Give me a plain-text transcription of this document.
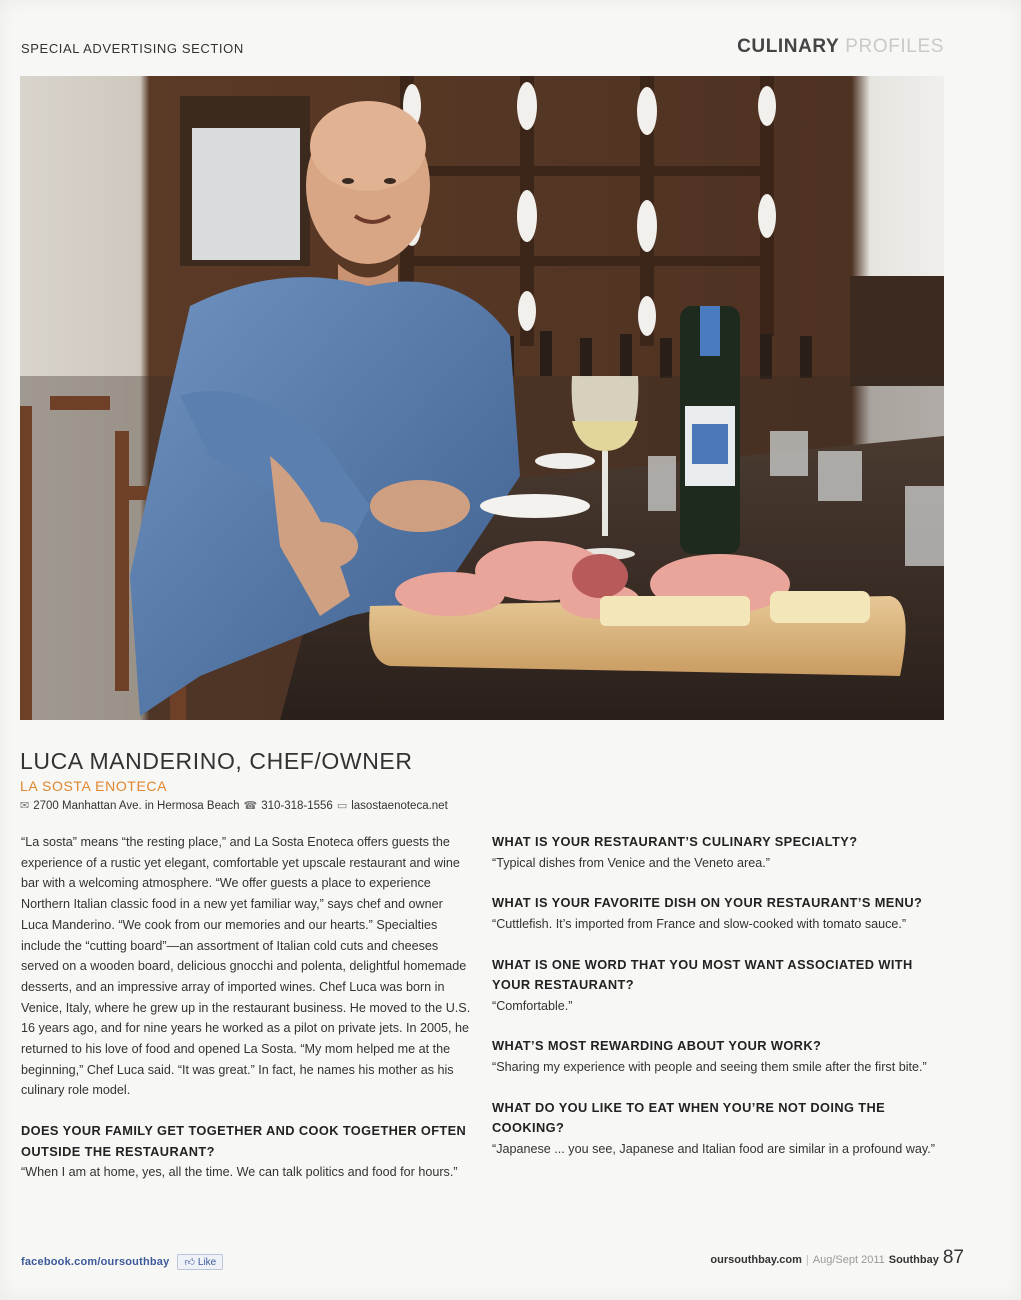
SPECIAL ADVERTISING SECTION	CULINARY PROFILES
LUCA MANDERINO, CHEF/OWNER
LA SOSTA ENOTECA
✉ 2700 Manhattan Ave. in Hermosa Beach ☎ 310-318-1556 ▭ lasostaenoteca.net

“La sosta” means “the resting place,” and La Sosta Enoteca offers guests the experience of a rustic yet elegant, comfortable yet upscale restaurant and wine bar with a welcoming atmosphere. “We offer guests a place to experience Northern Italian classic food in a new yet familiar way,” says chef and owner Luca Manderino. “We cook from our memories and our hearts.” Specialties include the “cutting board”—an assortment of Italian cold cuts and cheeses served on a wooden board, delicious gnocchi and polenta, delightful homemade desserts, and an impressive array of imported wines. Chef Luca was born in Venice, Italy, where he grew up in the restaurant business. He moved to the U.S. 16 years ago, and for nine years he worked as a pilot on private jets. In 2005, he returned to his love of food and opened La Sosta. “My mom helped me at the beginning,” Chef Luca said. “It was great.” In fact, he names his mother as his culinary role model.

DOES YOUR FAMILY GET TOGETHER AND COOK TOGETHER OFTEN OUTSIDE THE RESTAURANT?

“When I am at home, yes, all the time. We can talk politics and food for hours.”

WHAT IS YOUR RESTAURANT’S CULINARY SPECIALTY?

“Typical dishes from Venice and the Veneto area.”

WHAT IS YOUR FAVORITE DISH ON YOUR RESTAURANT’S MENU?

“Cuttlefish. It’s imported from France and slow-cooked with tomato sauce.”

WHAT IS ONE WORD THAT YOU MOST WANT ASSOCIATED WITH YOUR RESTAURANT?

“Comfortable.”

WHAT’S MOST REWARDING ABOUT YOUR WORK?

“Sharing my experience with people and seeing them smile after the first bite.”

WHAT DO YOU LIKE TO EAT WHEN YOU’RE NOT DOING THE COOKING?

“Japanese ... you see, Japanese and Italian food are similar in a profound way.”

facebook.com/oursouthbay 👍︎ Like	oursouthbay.com | Aug/Sept 2011 Southbay 87
